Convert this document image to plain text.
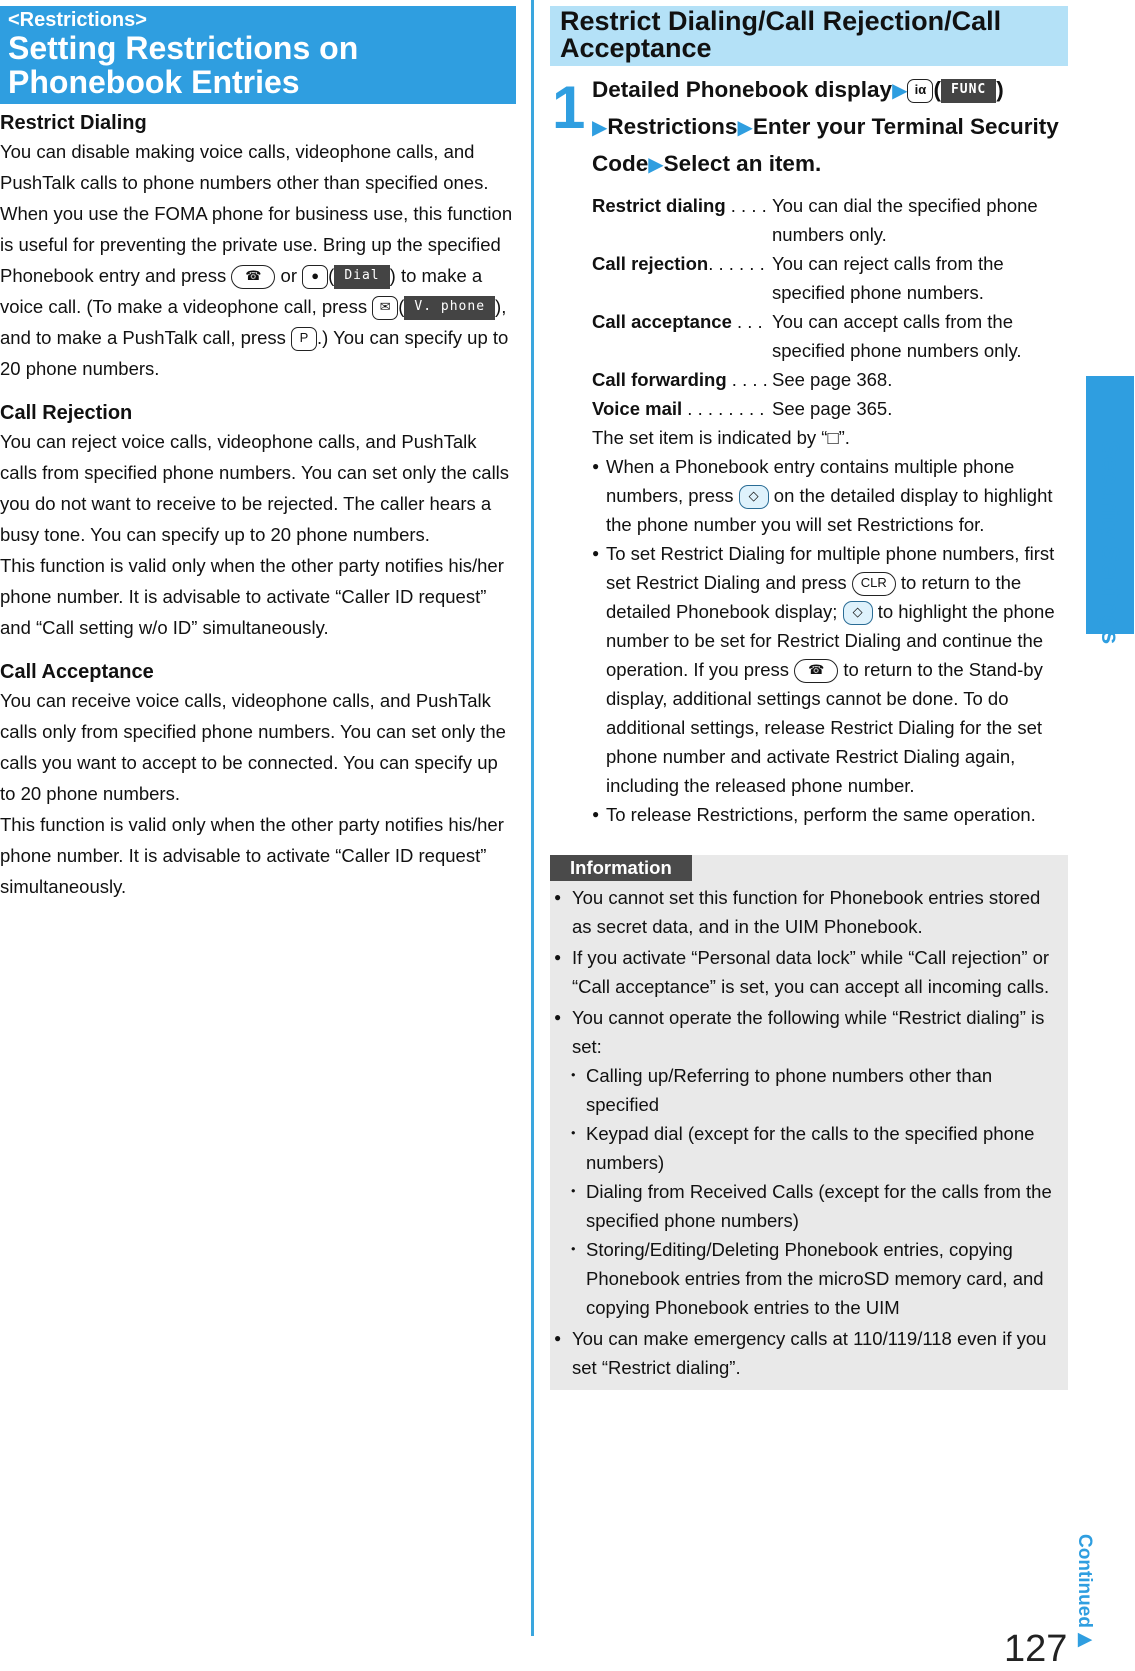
<Restrictions>
Setting Restrictions on Phonebook Entries
Restrict Dialing
You can disable making voice calls, videophone calls, and PushTalk calls to phone numbers other than specified ones. When you use the FOMA phone for business use, this function is useful for preventing the private use. Bring up the specified Phonebook entry and press ☎ or ● ( Dial ) to make a voice call. (To make a videophone call, press ✉ ( V. phone ), and to make a PushTalk call, press P .) You can specify up to 20 phone numbers.
Call Rejection
You can reject voice calls, videophone calls, and PushTalk calls from specified phone numbers. You can set only the calls you do not want to receive to be rejected. The caller hears a busy tone. You can specify up to 20 phone numbers.
This function is valid only when the other party notifies his/her phone number. It is advisable to activate “Caller ID request” and “Call setting w/o ID” simultaneously.
Call Acceptance
You can receive voice calls, videophone calls, and PushTalk calls only from specified phone numbers. You can set only the calls you want to accept to be connected. You can specify up to 20 phone numbers.
This function is valid only when the other party notifies his/her phone number. It is advisable to activate “Caller ID request” simultaneously.
Restrict Dialing/Call Rejection/Call Acceptance
1 Detailed Phonebook display▶ iα ( FUNC )
▶Restrictions▶Enter your Terminal Security Code▶Select an item.
Restrict dialing . . . . You can dial the specified phone numbers only.
Call rejection. . . . . . You can reject calls from the specified phone numbers.
Call acceptance . . . You can accept calls from the specified phone numbers only.
Call forwarding . . . . See page 368.
Voice mail . . . . . . . . See page 365.
The set item is indicated by “□”.
● When a Phonebook entry contains multiple phone numbers, press ◇ on the detailed display to highlight the phone number you will set Restrictions for.
● To set Restrict Dialing for multiple phone numbers, first set Restrict Dialing and press CLR to return to the detailed Phonebook display; ◇ to highlight the phone number to be set for Restrict Dialing and continue the operation. If you press ☎ to return to the Stand-by display, additional settings cannot be done. To do additional settings, release Restrict Dialing for the set phone number and activate Restrict Dialing again, including the released phone number.
● To release Restrictions, perform the same operation.
Information
● You cannot set this function for Phonebook entries stored as secret data, and in the UIM Phonebook.
● If you activate “Personal data lock” while “Call rejection” or “Call acceptance” is set, you can accept all incoming calls.
● You cannot operate the following while “Restrict dialing” is set:
・ Calling up/Referring to phone numbers other than specified
・ Keypad dial (except for the calls to the specified phone numbers)
・ Dialing from Received Calls (except for the calls from the specified phone numbers)
・ Storing/Editing/Deleting Phonebook entries, copying Phonebook entries from the microSD memory card, and copying Phonebook entries to the UIM
● You can make emergency calls at 110/119/118 even if you set “Restrict dialing”.
Security Settings
Continued▶
127
